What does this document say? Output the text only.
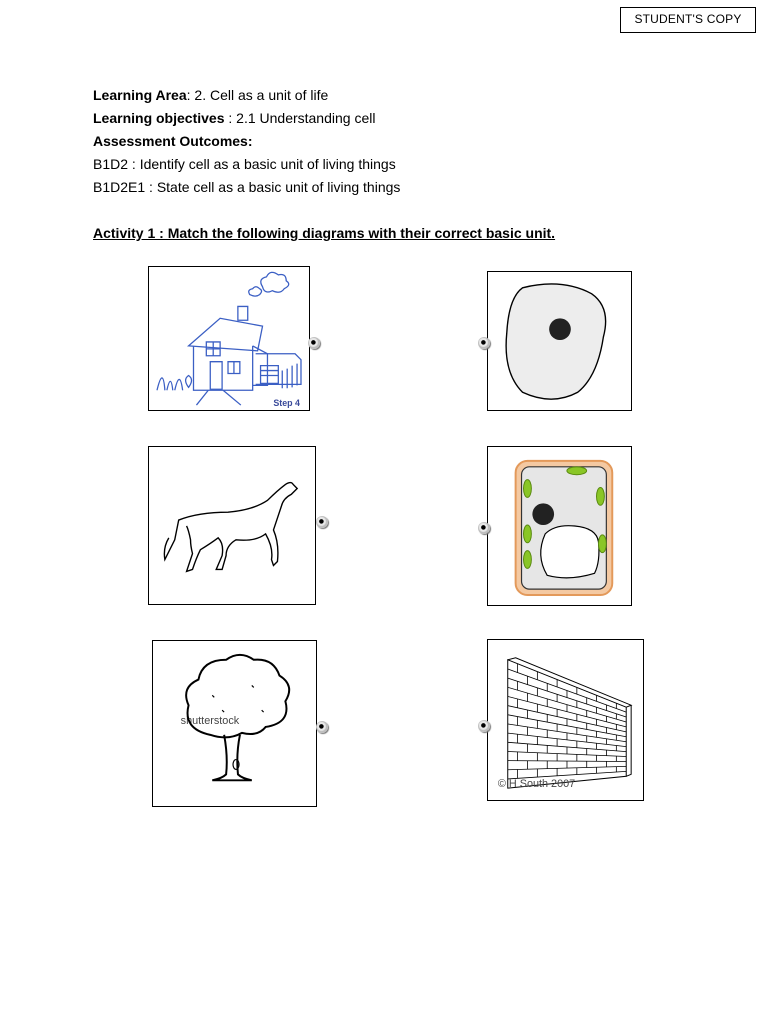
STUDENT'S COPY
Learning Area: 2. Cell as a unit of life
Learning objectives : 2.1 Understanding cell
Assessment Outcomes:
B1D2 : Identify cell as a basic unit of living things
B1D2E1 : State cell as a basic unit of living things
Activity 1 : Match the following diagrams with their correct basic unit.
Step 4
shutterstock
© H South 2007
